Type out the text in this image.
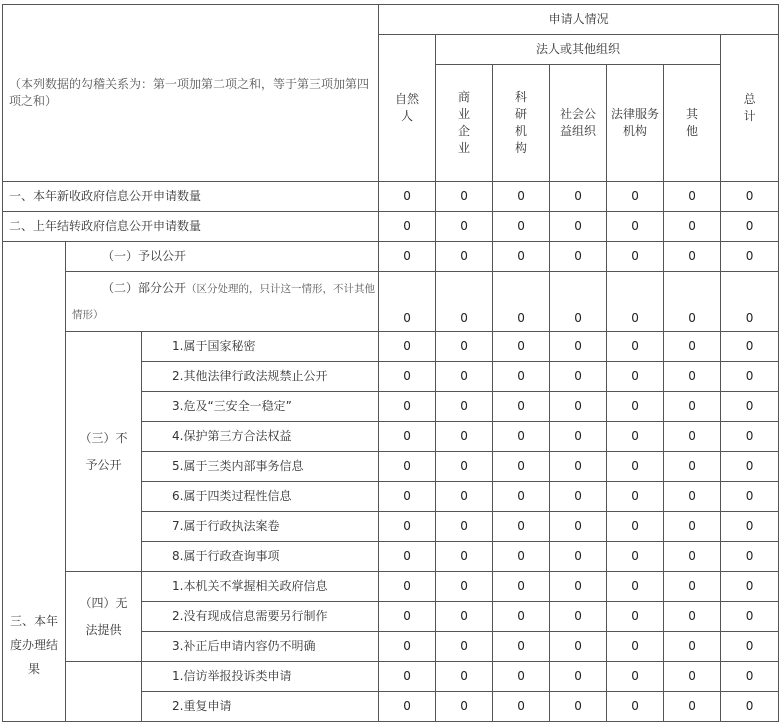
（本列数据的勾稽关系为：第一项加第二项之和，等于第三项加第四项之和）			申请人情况						

			自然人	法人或其他组织					总计

				商业企业	科研机构	社会公益组织	法律服务机构	其他	

一、本年新收政府信息公开申请数量			0	0	0	0	0	0	0
二、上年结转政府信息公开申请数量			0	0	0	0	0	0	0

三、本年度办理结果	（一）予以公开		0	0	0	0	0	0	0
	（二）部分公开（区分处理的，只计这一情形，不计其他情形）		0	0	0	0	0	0	0

	（三）不予公开	1.属于国家秘密	0	0	0	0	0	0	0
		2.其他法律行政法规禁止公开	0	0	0	0	0	0	0
		3.危及“三安全一稳定”	0	0	0	0	0	0	0
		4.保护第三方合法权益	0	0	0	0	0	0	0
		5.属于三类内部事务信息	0	0	0	0	0	0	0
		6.属于四类过程性信息	0	0	0	0	0	0	0
		7.属于行政执法案卷	0	0	0	0	0	0	0
		8.属于行政查询事项	0	0	0	0	0	0	0

	（四）无法提供	1.本机关不掌握相关政府信息	0	0	0	0	0	0	0
		2.没有现成信息需要另行制作	0	0	0	0	0	0	0
		3.补正后申请内容仍不明确	0	0	0	0	0	0	0
		1.信访举报投诉类申请	0	0	0	0	0	0	0
		2.重复申请	0	0	0	0	0	0	0
